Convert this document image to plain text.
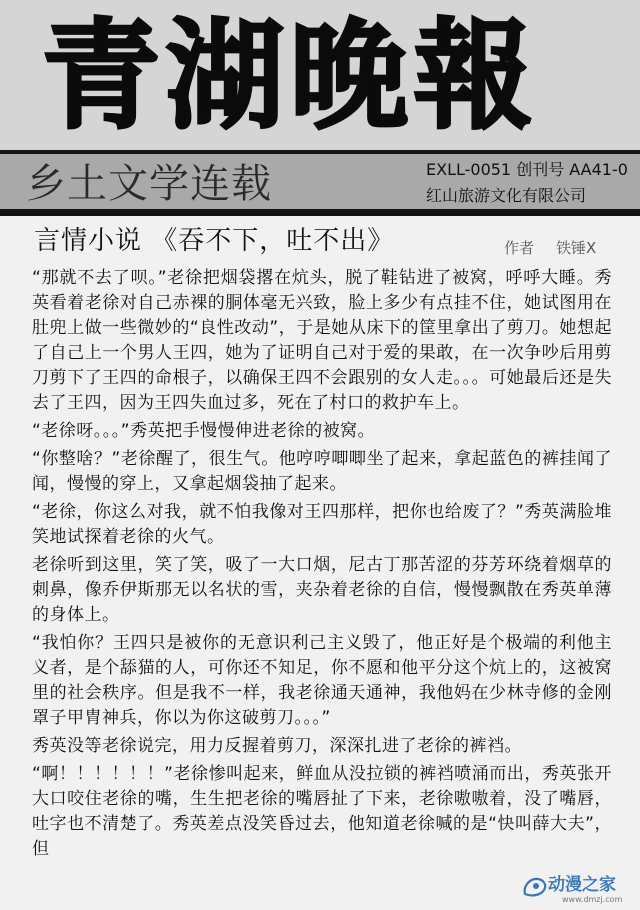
青湖晚報
乡土文学连载	EXLL-0051 创刊号 AA41-0
红山旅游文化有限公司
言情小说 《吞不下，吐不出》	作者 铁锤X

“那就不去了呗。”老徐把烟袋撂在炕头，脱了鞋钻进了被窝，呼呼大睡。秀英看着老徐对自己赤裸的胴体毫无兴致，脸上多少有点挂不住，她试图用在肚兜上做一些微妙的“良性改动”，于是她从床下的筐里拿出了剪刀。她想起了自己上一个男人王四，她为了证明自己对于爱的果敢，在一次争吵后用剪刀剪下了王四的命根子，以确保王四不会跟别的女人走。。。可她最后还是失去了王四，因为王四失血过多，死在了村口的救护车上。

“老徐呀。。。”秀英把手慢慢伸进老徐的被窝。

“你整啥？”老徐醒了，很生气。他哼哼唧唧坐了起来，拿起蓝色的裤挂闻了闻，慢慢的穿上，又拿起烟袋抽了起来。

“老徐，你这么对我，就不怕我像对王四那样，把你也给废了？”秀英满脸堆笑地试探着老徐的火气。

老徐听到这里，笑了笑，吸了一大口烟，尼古丁那苦涩的芬芳环绕着烟草的刺鼻，像乔伊斯那无以名状的雪，夹杂着老徐的自信，慢慢飘散在秀英单薄的身体上。

“我怕你？王四只是被你的无意识利己主义毁了，他正好是个极端的利他主义者，是个舔猫的人，可你还不知足，你不愿和他平分这个炕上的，这被窝里的社会秩序。但是我不一样，我老徐通天通神，我他妈在少林寺修的金刚罩子甲胄神兵，你以为你这破剪刀。。。”

秀英没等老徐说完，用力反握着剪刀，深深扎进了老徐的裤裆。

“啊！！！！！！”老徐惨叫起来，鲜血从没拉锁的裤裆喷涌而出，秀英张开大口咬住老徐的嘴，生生把老徐的嘴唇扯了下来，老徐嗷嗷着，没了嘴唇，吐字也不清楚了。秀英差点没笑昏过去，他知道老徐喊的是“快叫薛大夫”，但

动漫之家
www.dmzj.com
